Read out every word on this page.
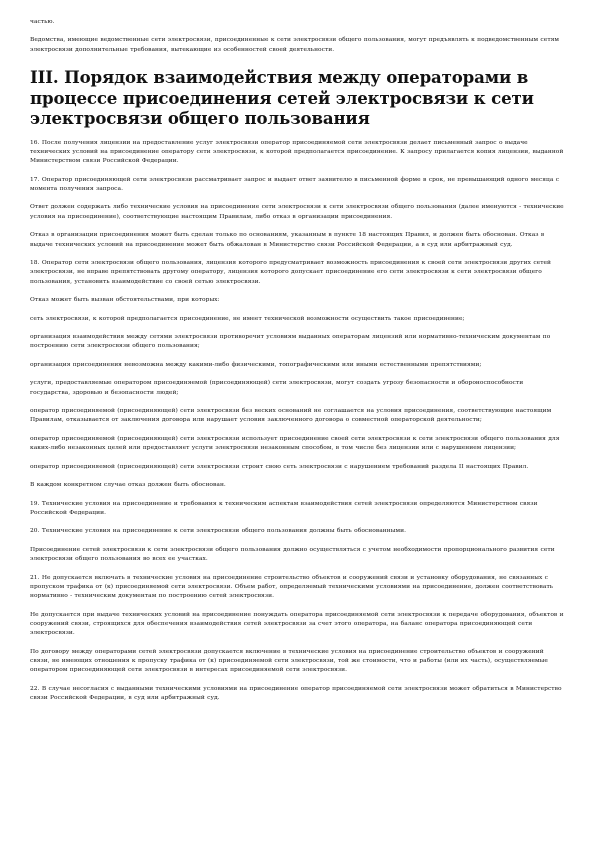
частью.

Ведомства, имеющие ведомственные сети электросвязи, присоединенные к сети электросвязи общего пользования, могут предъявлять к подведомственным сетям электросвязи дополнительные требования, вытекающие из особенностей своей деятельности.

III. Порядок взаимодействия между операторами в процессе присоединения сетей электросвязи к сети электросвязи общего пользования

16. После получения лицензии на предоставление услуг электросвязи оператор присоединяемой сети электросвязи делает письменный запрос о выдаче технических условий на присоединение оператору сети электросвязи, к которой предполагается присоединение. К запросу прилагается копия лицензии, выданной Министерством связи Российской Федерации.

17. Оператор присоединяющей сети электросвязи рассматривает запрос и выдает ответ заявителю в письменной форме в срок, не превышающий одного месяца с момента получения запроса.

Ответ должен содержать либо технические условия на присоединение сети электросвязи к сети электросвязи общего пользования (далее именуются - технические условия на присоединение), соответствующие настоящим Правилам, либо отказ в организации присоединения.

Отказ в организации присоединения может быть сделан только по основаниям, указанным в пункте 18 настоящих Правил, и должен быть обоснован. Отказ в выдаче технических условий на присоединение может быть обжалован в Министерство связи Российской Федерации, а в суд или арбитражный суд.

18. Оператор сети электросвязи общего пользования, лицензия которого предусматривает возможность присоединения к своей сети электросвязи других сетей электросвязи, не вправе препятствовать другому оператору, лицензия которого допускает присоединение его сети электросвязи к сети электросвязи общего пользования, установить взаимодействие со своей сетью электросвязи.

Отказ может быть вызван обстоятельствами, при которых:

сеть электросвязи, к которой предполагается присоединение, не имеет технической возможности осуществить такое присоединение;

организация взаимодействия между сетями электросвязи противоречит условиям выданных операторам лицензий или нормативно-техническим документам по построению сети электросвязи общего пользования;

организация присоединения невозможна между какими-либо физическими, топографическими или иными естественными препятствиями;

услуги, предоставляемые оператором присоединяемой (присоединяющей) сети электросвязи, могут создать угрозу безопасности и обороноспособности государства, здоровью и безопасности людей;

оператор присоединяемой (присоединяющей) сети электросвязи без веских оснований не соглашается на условия присоединения, соответствующие настоящим Правилам, отказывается от заключения договора или нарушает условия заключенного договора о совместной операторской деятельности;

оператор присоединяемой (присоединяющей) сети электросвязи использует присоединение своей сети электросвязи к сети электросвязи общего пользования для каких-либо незаконных целей или предоставляет услуги электросвязи незаконным способом, в том числе без лицензии или с нарушением лицензии;

оператор присоединяемой (присоединяющей) сети электросвязи строит свою сеть электросвязи с нарушением требований раздела II настоящих Правил.

В каждом конкретном случае отказ должен быть обоснован.

19. Технические условия на присоединение и требования к техническим аспектам взаимодействия сетей электросвязи определяются Министерством связи Российской Федерации.

20. Технические условия на присоединение к сети электросвязи общего пользования должны быть обоснованными.

Присоединение сетей электросвязи к сети электросвязи общего пользования должно осуществляться с учетом необходимости пропорционального развития сети электросвязи общего пользования во всех ее участках.

21. Не допускается включать в технические условия на присоединение строительство объектов и сооружений связи и установку оборудования, не связанных с пропуском трафика от (к) присоединяемой сети электросвязи. Объем работ, определяемый техническими условиями на присоединение, должен соответствовать нормативно - техническим документам по построению сетей электросвязи.

Не допускается при выдаче технических условий на присоединение понуждать оператора присоединяемой сети электросвязи к передаче оборудования, объектов и сооружений связи, строящихся для обеспечения взаимодействия сетей электросвязи за счет этого оператора, на баланс оператора присоединяющей сети электросвязи.

По договору между операторами сетей электросвязи допускается включение в технические условия на присоединение строительство объектов и сооружений связи, не имеющих отношения к пропуску трафика от (к) присоединяемой сети электросвязи, той же стоимости, что и работы (или их часть), осуществляемые оператором присоединяющей сети электросвязи в интересах присоединяемой сети электросвязи.

22. В случае несогласия с выданными техническими условиями на присоединение оператор присоединяемой сети электросвязи может обратиться в Министерство связи Российской Федерации, в суд или арбитражный суд.
